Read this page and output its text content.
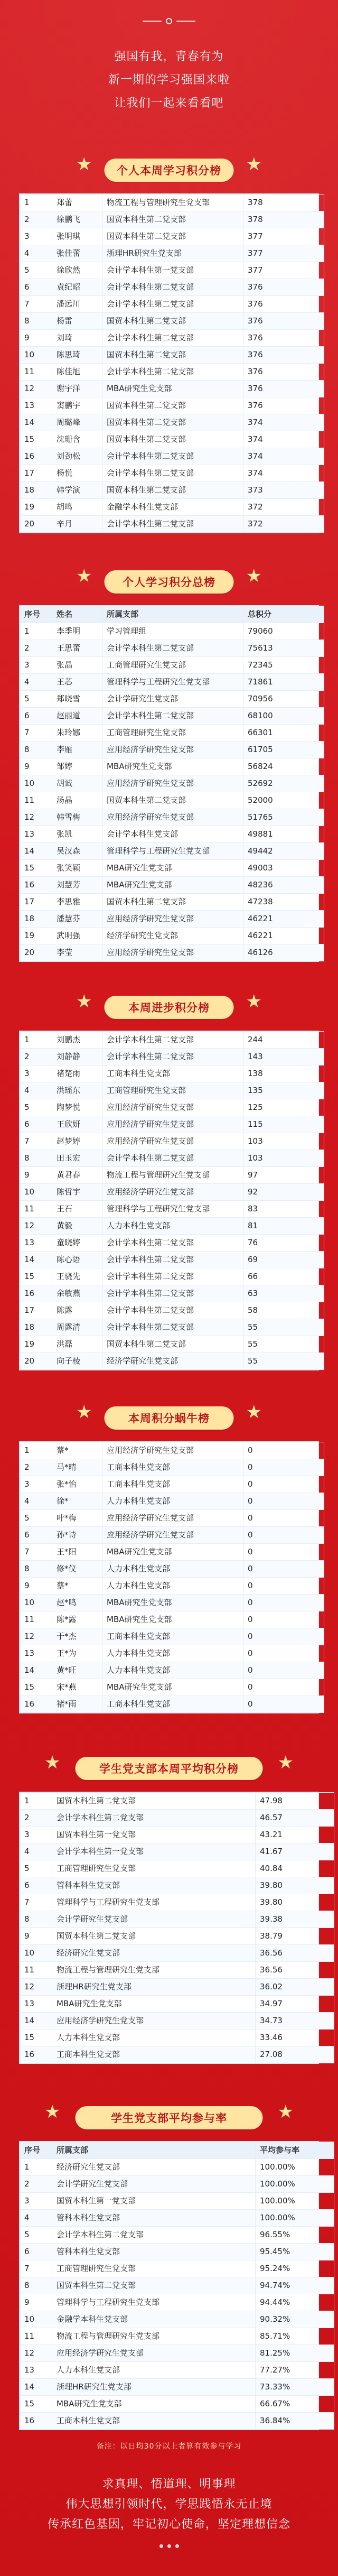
强国有我，青春有为
新一期的学习强国来啦
让我们一起来看看吧
★ 个人本周学习积分榜 ★
1	郑蕾	物流工程与管理研究生党支部	378
2	徐鹏飞	国贸本科生第二党支部	378
3	张明琪	国贸本科生第二党支部	377
4	张佳蕾	浙理HR研究生党支部	377
5	徐欣然	会计学本科生第一党支部	377
6	袁纪昭	会计学本科生第二党支部	376
7	潘远川	会计学本科生第二党支部	376
8	杨雷	国贸本科生第二党支部	376
9	刘琦	会计学本科生第二党支部	376
10	陈思琦	国贸本科生第二党支部	376
11	陈佳旭	会计学本科生第二党支部	376
12	谢宇洋	MBA研究生党支部	376
13	窦鹏宇	国贸本科生第二党支部	376
14	周璐峰	国贸本科生第二党支部	374
15	沈珊含	国贸本科生第二党支部	374
16	刘劲松	会计学本科生第二党支部	374
17	杨悦	会计学本科生第二党支部	374
18	韩学演	国贸本科生第二党支部	373
19	胡鸣	金融学本科生党支部	372
20	辛月	会计学本科生第二党支部	372
★	个人学习积分总榜 ★
序号	姓名	所属支部	总积分
1	李季明	学习管理组	79060
2	王思蕾	会计学本科生第二党支部	75613
3	张晶	工商管理研究生党支部	72345
4	王芯	管理科学与工程研究生党支部	71861
5	郑晓雪	会计学研究生党支部	70956
6	赵丽道	会计学本科生第二党支部	68100
7	朱玲娜	工商管理研究生党支部	66301
8	李雁	应用经济学研究生党支部	61705
9	邹婷	MBA研究生党支部	56824
10	胡诚	应用经济学研究生党支部	52692
11	汤晶	国贸本科生第二党支部	52000
12	韩雪梅	应用经济学研究生党支部	51765
13	张凯	会计学本科生党支部	49881
14	吴汉森	管理科学与工程研究生党支部	49442
15	张笑颖	MBA研究生党支部	49003
16	刘慧芳	MBA研究生党支部	48236
17	李思雅	国贸本科生第二党支部	47238
18	潘慧芬	应用经济学研究生党支部	46221
19	武明强	经济学研究生党支部	46221
20	李莹	应用经济学研究生党支部	46126
★	本周进步积分榜 ★
1	刘鹏杰	会计学本科生第二党支部	244
2	刘静静	会计学本科生第二党支部	143
3	褚楚雨	工商本科生党支部	138
4	洪瑶东	工商管理研究生党支部	135
5	陶梦悦	应用经济学研究生党支部	125
6	王欣妍	应用经济学研究生党支部	115
7	赵梦婷	应用经济学研究生党支部	103
8	田玉宏	会计学本科生第二党支部	103
9	黄君春	物流工程与管理研究生党支部	97
10	陈哲宇	应用经济学研究生党支部	92
11	王石	管理科学与工程研究生党支部	83
12	黄毅	人力本科生党支部	81
13	童晓婷	会计学本科生第二党支部	76
14	陈心语	会计学本科生第二党支部	69
15	王骁先	会计学本科生第二党支部	66
16	余敏燕	会计学本科生第二党支部	63
17	陈露	会计学本科生第二党支部	58
18	周露清	会计学本科生第二党支部	55
19	洪磊	国贸本科生第二党支部	55
20	向子棱	经济学研究生党支部	55
★	本周积分蜗牛榜 ★
1	蔡*	应用经济学研究生党支部	0
2	马*晴	工商本科生党支部	0
3	张*怡	工商本科生党支部	0
4	徐*	人力本科生党支部	0
5	叶*梅	应用经济学研究生党支部	0
6	孙*诗	应用经济学研究生党支部	0
7	王*阳	MBA研究生党支部	0
8	修*仪	人力本科生党支部	0
9	蔡*	人力本科生党支部	0
10	赵*鸣	MBA研究生党支部	0
11	陈*露	MBA研究生党支部	0
12	于*杰	工商本科生党支部	0
13	王*为	人力本科生党支部	0
14	黄*旺	人力本科生党支部	0
15	宋*燕	MBA研究生党支部	0
16	褚*雨	工商本科生党支部	0
★	学生党支部本周平均积分榜 ★
1	国贸本科生第二党支部	47.98
2	会计学本科生第二党支部	46.57
3	国贸本科生第一党支部	43.21
4	会计学本科生第一党支部	41.67
5	工商管理研究生党支部	40.84
6	管科本科生党支部	39.80
7	管理科学与工程研究生党支部	39.80
8	会计学研究生党支部	39.38
9	国贸本科生第二党支部	38.79
10	经济研究生党支部	36.56
11	物流工程与管理研究生党支部	36.56
12	浙理HR研究生党支部	36.02
13	MBA研究生党支部	34.97
14	应用经济学研究生党支部	34.73
15	人力本科生党支部	33.46
16	工商本科生党支部	27.08
★	学生党支部平均参与率	★
序号	所属支部	平均参与率
1	经济研究生党支部	100.00%
2	会计学研究生党支部	100.00%
3	国贸本科生第一党支部	100.00%
4	管科本科生党支部	100.00%
5	会计学本科生第二党支部	96.55%
6	管科本科生党支部	95.45%
7	工商管理研究生党支部	95.24%
8	国贸本科生第二党支部	94.74%
9	管理科学与工程研究生党支部	94.44%
10	金融学本科生党支部	90.32%
11	物流工程与管理研究生党支部	85.71%
12	应用经济学研究生党支部	81.25%
13	人力本科生党支部	77.27%
14	浙理HR研究生党支部	73.33%
15	MBA研究生党支部	66.67%
16	工商本科生党支部	36.84%
备注：以日均30分以上者算有效参与学习
求真理、悟道理、明事理
伟大思想引领时代，学思践悟永无止境
传承红色基因，牢记初心使命，坚定理想信念
